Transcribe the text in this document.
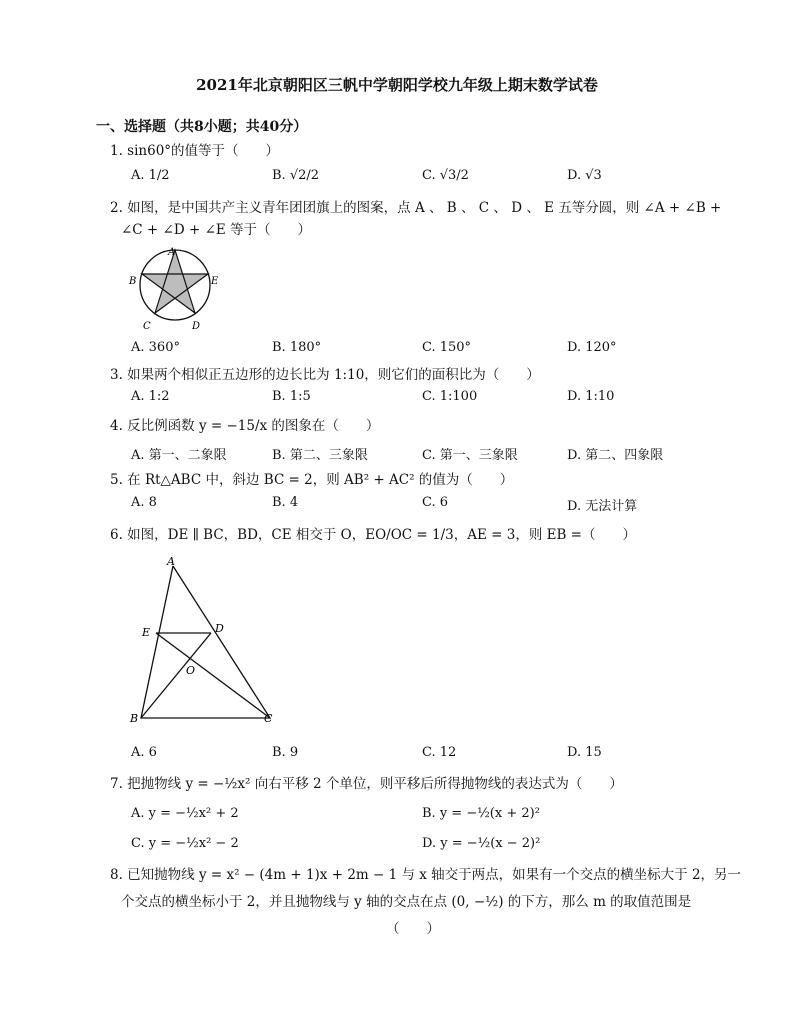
2021年北京朝阳区三帆中学朝阳学校九年级上期末数学试卷
一、选择题（共8小题；共40分）
1. sin60°的值等于（　　）
A. 1/2	B. √2/2	C. √3/2	D. √3
2. 如图，是中国共产主义青年团团旗上的图案，点 A 、 B 、 C 、 D 、 E 五等分圆，则 ∠A + ∠B +
∠C + ∠D + ∠E 等于（　　）
A
B
C	D
E
A. 360°	B. 180°	C. 150°	D. 120°
3. 如果两个相似正五边形的边长比为 1:10，则它们的面积比为（　　）
A. 1:2	B. 1:5	C. 1:100	D. 1:10
4. 反比例函数 y = −15/x 的图象在（　　）
A. 第一、二象限	B. 第二、三象限	C. 第一、三象限	D. 第二、四象限
5. 在 Rt△ABC 中，斜边 BC = 2，则 AB² + AC² 的值为（　　）
A. 8	B. 4	C. 6	D. 无法计算
6. 如图，DE ∥ BC，BD，CE 相交于 O，EO/OC = 1/3，AE = 3，则 EB =（　　）
A
E	D
O
B	C
A. 6	B. 9	C. 12	D. 15
7. 把抛物线 y = −½x² 向右平移 2 个单位，则平移后所得抛物线的表达式为（　　）
A. y = −½x² + 2	B. y = −½(x + 2)²
C. y = −½x² − 2	D. y = −½(x − 2)²
8. 已知抛物线 y = x² − (4m + 1)x + 2m − 1 与 x 轴交于两点，如果有一个交点的横坐标大于 2，另一
个交点的横坐标小于 2，并且抛物线与 y 轴的交点在点 (0, −½) 的下方，那么 m 的取值范围是
（　　）
